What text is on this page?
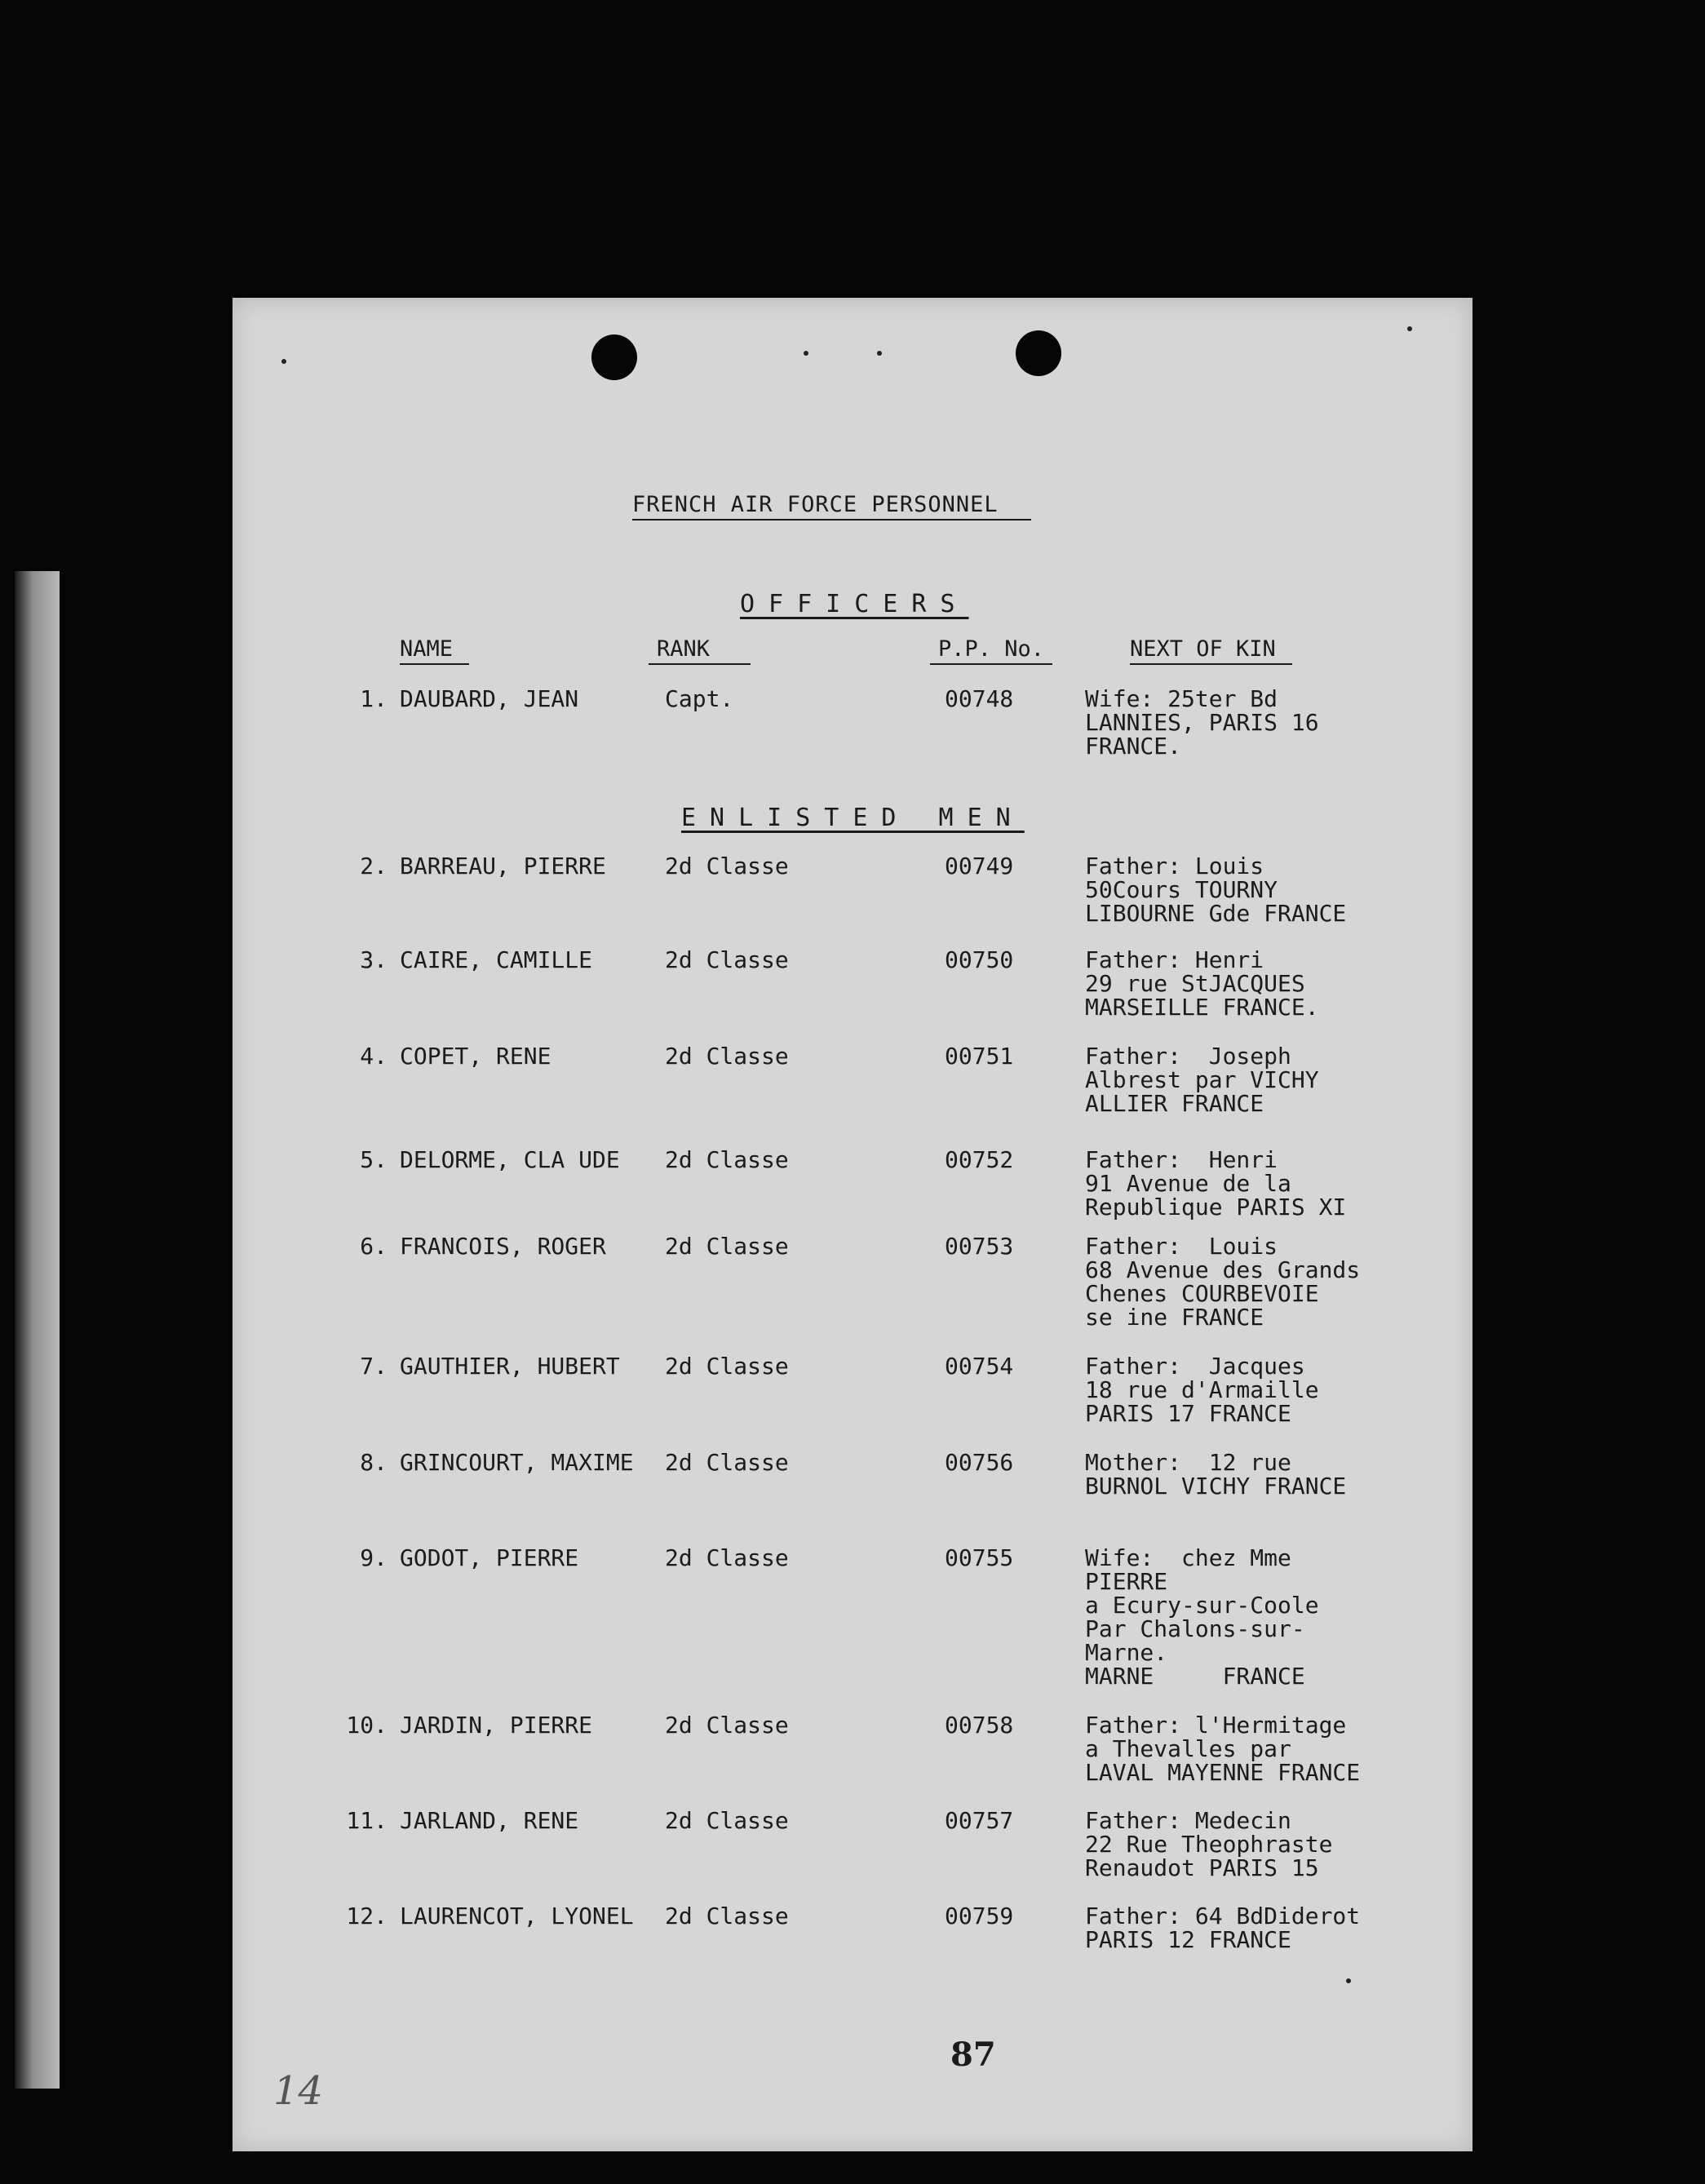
FRENCH AIR FORCE PERSONNEL
OFFICERS
NAME	RANK	P.P. No.	NEXT OF KIN
1. DAUBARD, JEAN	Capt.	00748	Wife: 25ter Bd
LANNIES, PARIS 16
FRANCE.
ENLISTED MEN
2. BARREAU, PIERRE	2d Classe	00749	Father: Louis
50Cours TOURNY
LIBOURNE Gde FRANCE
3. CAIRE, CAMILLE	2d Classe	00750	Father: Henri
29 rue StJACQUES
MARSEILLE FRANCE.
4. COPET, RENE	2d Classe	00751	Father:  Joseph
Albrest par VICHY
ALLIER FRANCE
5. DELORME, CLA UDE 2d Classe	00752	Father:  Henri
91 Avenue de la
Republique PARIS XI
6. FRANCOIS, ROGER	2d Classe	00753	Father:  Louis
68 Avenue des Grands
Chenes COURBEVOIE
se ine FRANCE
7. GAUTHIER, HUBERT 2d Classe	00754	Father:  Jacques
18 rue d'Armaille
PARIS 17 FRANCE
8. GRINCOURT, MAXIME 2d Classe	00756	Mother:  12 rue
BURNOL VICHY FRANCE
9. GODOT, PIERRE	2d Classe	00755	Wife:  chez Mme
PIERRE
a Ecury-sur-Coole
Par Chalons-sur-
Marne.
MARNE     FRANCE
10. JARDIN, PIERRE	2d Classe	00758	Father: l'Hermitage
a Thevalles par
LAVAL MAYENNE FRANCE
11. JARLAND, RENE	2d Classe	00757	Father: Medecin
22 Rue Theophraste
Renaudot PARIS 15
12. LAURENCOT, LYONEL 2d Classe	00759	Father: 64 BdDiderot
PARIS 12 FRANCE
87
14
